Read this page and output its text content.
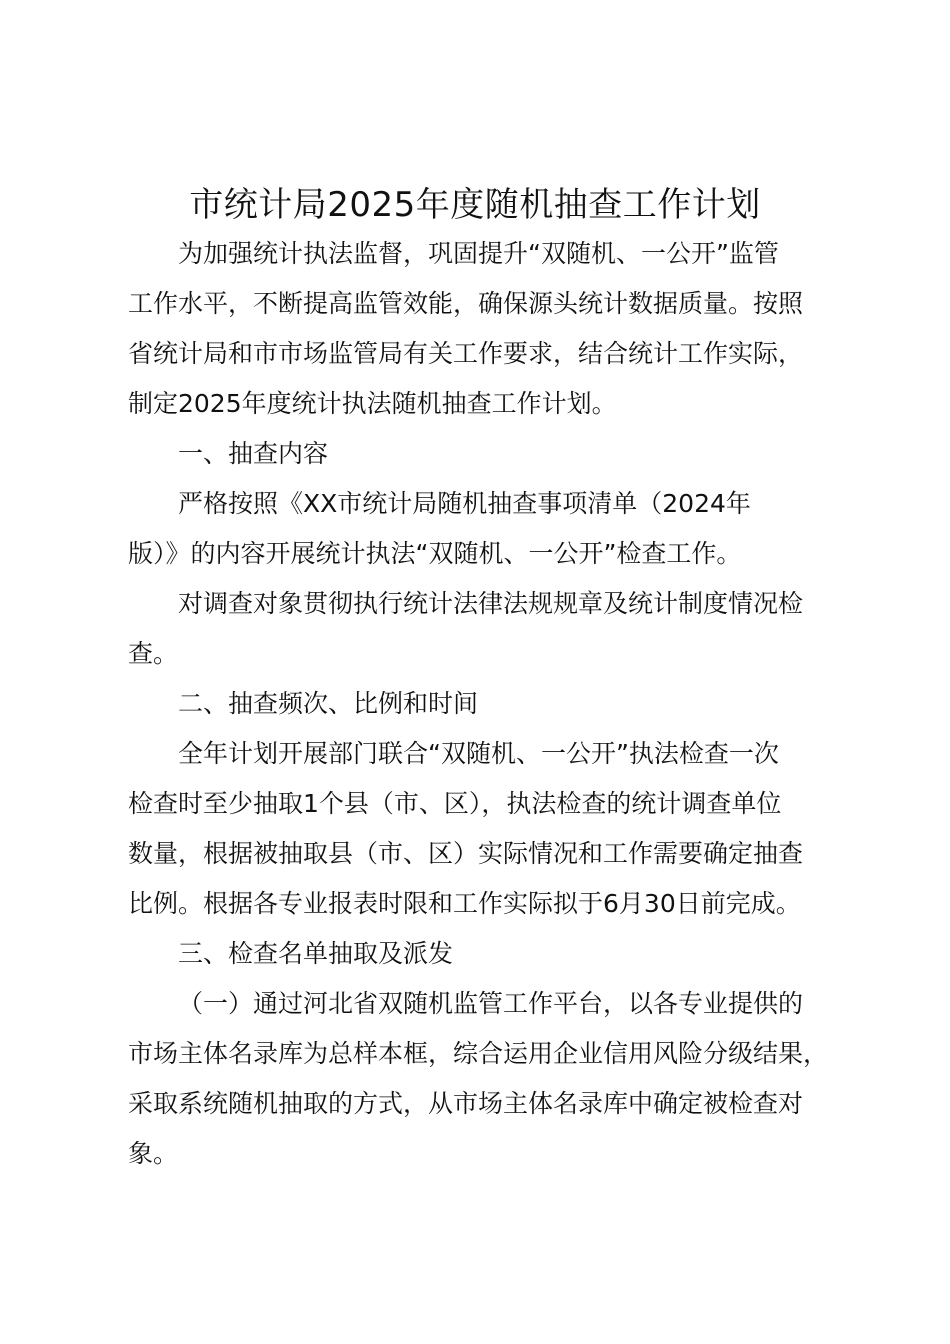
市统计局2025年度随机抽查工作计划
为加强统计执法监督，巩固提升“双随机、一公开”监管
工作水平，不断提高监管效能，确保源头统计数据质量。按照
省统计局和市市场监管局有关工作要求，结合统计工作实际，
制定2025年度统计执法随机抽查工作计划。
一、抽查内容
严格按照《XX市统计局随机抽查事项清单（2024年
版）》的内容开展统计执法“双随机、一公开”检查工作。
对调查对象贯彻执行统计法律法规规章及统计制度情况检
查。
二、抽查频次、比例和时间
全年计划开展部门联合“双随机、一公开”执法检查一次
检查时至少抽取1个县（市、区），执法检查的统计调查单位
数量，根据被抽取县（市、区）实际情况和工作需要确定抽查
比例。根据各专业报表时限和工作实际拟于6月30日前完成。
三、检查名单抽取及派发
（一）通过河北省双随机监管工作平台，以各专业提供的
市场主体名录库为总样本框，综合运用企业信用风险分级结果，
采取系统随机抽取的方式，从市场主体名录库中确定被检查对
象。
